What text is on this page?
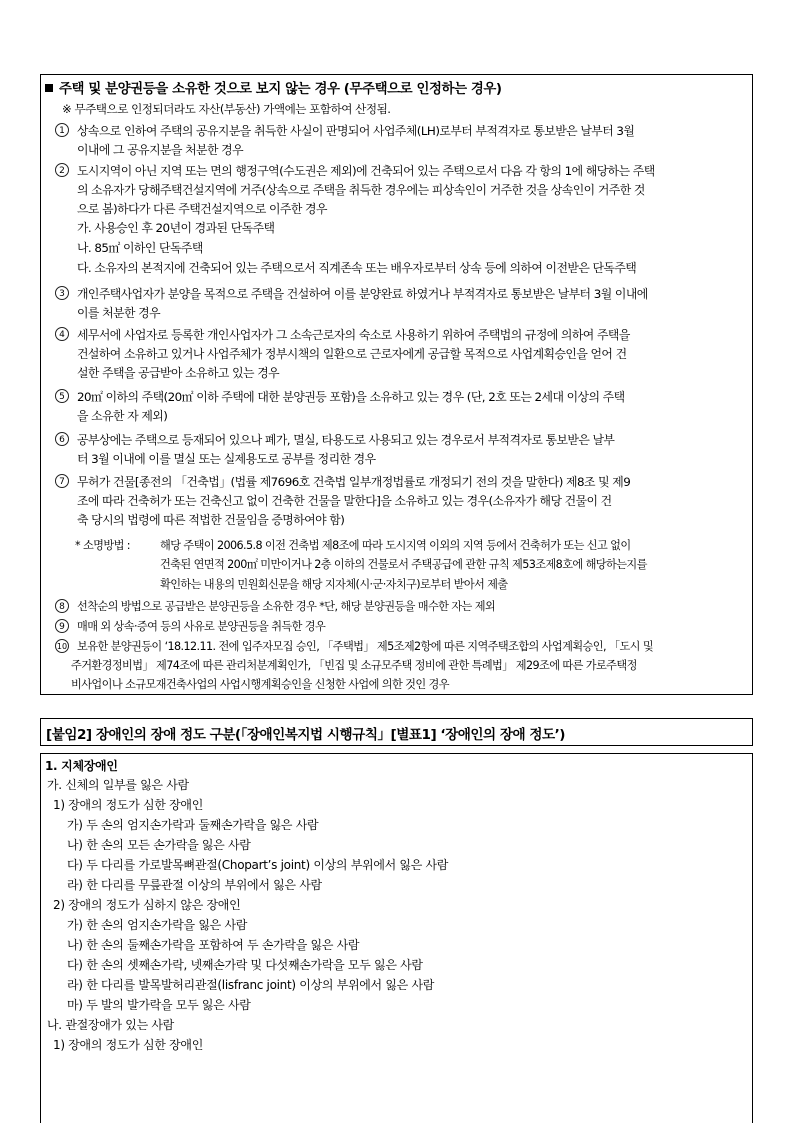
주택 및 분양권등을 소유한 것으로 보지 않는 경우 (무주택으로 인정하는 경우)
※ 무주택으로 인정되더라도 자산(부동산) 가액에는 포함하여 산정됨.
1	상속으로 인하여 주택의 공유지분을 취득한 사실이 판명되어 사업주체(LH)로부터 부적격자로 통보받은 날부터 3월
이내에 그 공유지분을 처분한 경우
2	도시지역이 아닌 지역 또는 면의 행정구역(수도권은 제외)에 건축되어 있는 주택으로서 다음 각 항의 1에 해당하는 주택
의 소유자가 당해주택건설지역에 거주(상속으로 주택을 취득한 경우에는 피상속인이 거주한 것을 상속인이 거주한 것
으로 봄)하다가 다른 주택건설지역으로 이주한 경우
가. 사용승인 후 20년이 경과된 단독주택
나. 85㎡ 이하인 단독주택
다. 소유자의 본적지에 건축되어 있는 주택으로서 직계존속 또는 배우자로부터 상속 등에 의하여 이전받은 단독주택
3	개인주택사업자가 분양을 목적으로 주택을 건설하여 이를 분양완료 하였거나 부적격자로 통보받은 날부터 3월 이내에
이를 처분한 경우
4	세무서에 사업자로 등록한 개인사업자가 그 소속근로자의 숙소로 사용하기 위하여 주택법의 규정에 의하여 주택을
건설하여 소유하고 있거나 사업주체가 정부시책의 일환으로 근로자에게 공급할 목적으로 사업계획승인을 얻어 건
설한 주택을 공급받아 소유하고 있는 경우
5	20㎡ 이하의 주택(20㎡ 이하 주택에 대한 분양권등 포함)을 소유하고 있는 경우 (단, 2호 또는 2세대 이상의 주택
을 소유한 자 제외)
6	공부상에는 주택으로 등재되어 있으나 폐가, 멸실, 타용도로 사용되고 있는 경우로서 부적격자로 통보받은 날부
터 3월 이내에 이를 멸실 또는 실제용도로 공부를 정리한 경우
7	무허가 건물[종전의 「건축법」(법률 제7696호 건축법 일부개정법률로 개정되기 전의 것을 말한다) 제8조 및 제9
조에 따라 건축허가 또는 건축신고 없이 건축한 건물을 말한다]을 소유하고 있는 경우(소유자가 해당 건물이 건
축 당시의 법령에 따른 적법한 건물임을 증명하여야 함)
* 소명방법 :	해당 주택이 2006.5.8 이전 건축법 제8조에 따라 도시지역 이외의 지역 등에서 건축허가 또는 신고 없이
건축된 연면적 200㎡ 미만이거나 2층 이하의 건물로서 주택공급에 관한 규칙 제53조제8호에 해당하는지를
확인하는 내용의 민원회신문을 해당 지자체(시·군·자치구)로부터 받아서 제출
8	선착순의 방법으로 공급받은 분양권등을 소유한 경우 *단, 해당 분양권등을 매수한 자는 제외
9	매매 외 상속·증여 등의 사유로 분양권등을 취득한 경우
10 보유한 분양권등이 ‘18.12.11. 전에 입주자모집 승인, 「주택법」 제5조제2항에 따른 지역주택조합의 사업계획승인, 「도시 및
주거환경정비법」 제74조에 따른 관리처분계획인가, 「빈집 및 소규모주택 정비에 관한 특례법」 제29조에 따른 가로주택정
비사업이나 소규모재건축사업의 사업시행계획승인을 신청한 사업에 의한 것인 경우
[붙임2] 장애인의 장애 정도 구분(「장애인복지법 시행규칙」[별표1] ‘장애인의 장애 정도’)
1. 지체장애인
가. 신체의 일부를 잃은 사람
1) 장애의 정도가 심한 장애인
가) 두 손의 엄지손가락과 둘째손가락을 잃은 사람
나) 한 손의 모든 손가락을 잃은 사람
다) 두 다리를 가로발목뼈관절(Chopart’s joint) 이상의 부위에서 잃은 사람
라) 한 다리를 무릎관절 이상의 부위에서 잃은 사람
2) 장애의 정도가 심하지 않은 장애인
가) 한 손의 엄지손가락을 잃은 사람
나) 한 손의 둘째손가락을 포함하여 두 손가락을 잃은 사람
다) 한 손의 셋째손가락, 넷째손가락 및 다섯째손가락을 모두 잃은 사람
라) 한 다리를 발목발허리관절(lisfranc joint) 이상의 부위에서 잃은 사람
마) 두 발의 발가락을 모두 잃은 사람
나. 관절장애가 있는 사람
1) 장애의 정도가 심한 장애인
